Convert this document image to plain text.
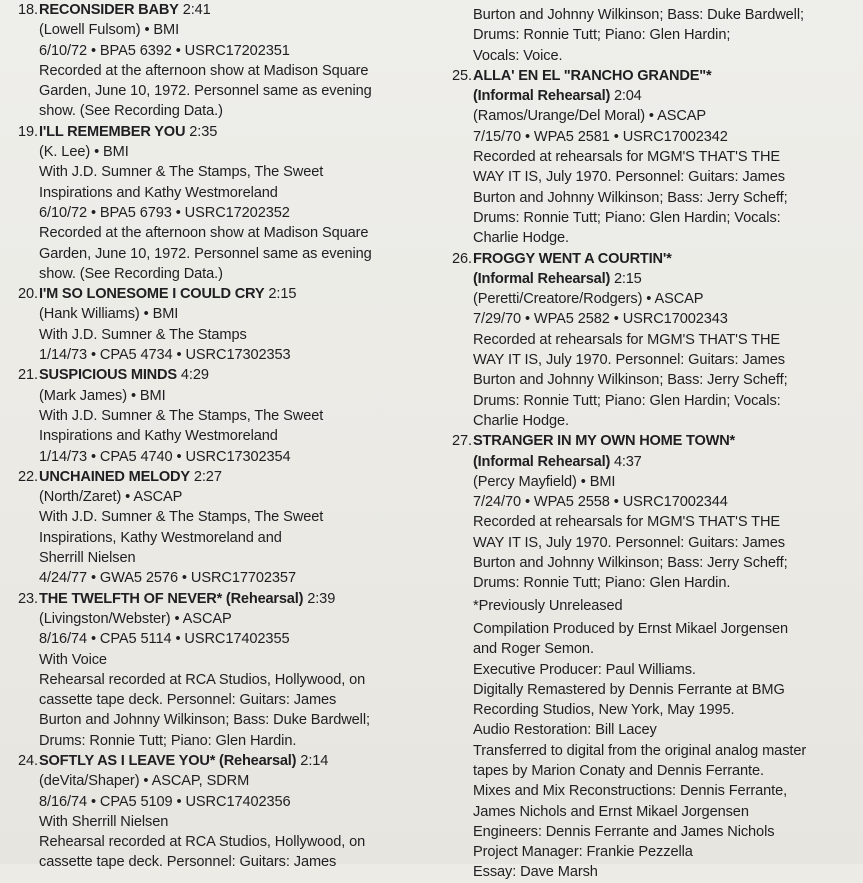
18. RECONSIDER BABY 2:41
(Lowell Fulsom) • BMI
6/10/72 • BPA5 6392 • USRC17202351
Recorded at the afternoon show at Madison Square
Garden, June 10, 1972. Personnel same as evening
show. (See Recording Data.)
19. I'LL REMEMBER YOU 2:35
(K. Lee) • BMI
With J.D. Sumner & The Stamps, The Sweet
Inspirations and Kathy Westmoreland
6/10/72 • BPA5 6793 • USRC17202352
Recorded at the afternoon show at Madison Square
Garden, June 10, 1972. Personnel same as evening
show. (See Recording Data.)
20. I'M SO LONESOME I COULD CRY 2:15
(Hank Williams) • BMI
With J.D. Sumner & The Stamps
1/14/73 • CPA5 4734 • USRC17302353
21. SUSPICIOUS MINDS 4:29
(Mark James) • BMI
With J.D. Sumner & The Stamps, The Sweet
Inspirations and Kathy Westmoreland
1/14/73 • CPA5 4740 • USRC17302354
22. UNCHAINED MELODY 2:27
(North/Zaret) • ASCAP
With J.D. Sumner & The Stamps, The Sweet
Inspirations, Kathy Westmoreland and
Sherrill Nielsen
4/24/77 • GWA5 2576 • USRC17702357
23. THE TWELFTH OF NEVER* (Rehearsal) 2:39
(Livingston/Webster) • ASCAP
8/16/74 • CPA5 5114 • USRC17402355
With Voice
Rehearsal recorded at RCA Studios, Hollywood, on
cassette tape deck. Personnel: Guitars: James
Burton and Johnny Wilkinson; Bass: Duke Bardwell;
Drums: Ronnie Tutt; Piano: Glen Hardin.
24. SOFTLY AS I LEAVE YOU* (Rehearsal) 2:14
(deVita/Shaper) • ASCAP, SDRM
8/16/74 • CPA5 5109 • USRC17402356
With Sherrill Nielsen
Rehearsal recorded at RCA Studios, Hollywood, on
cassette tape deck. Personnel: Guitars: James
Burton and Johnny Wilkinson; Bass: Duke Bardwell;
Drums: Ronnie Tutt; Piano: Glen Hardin;
Vocals: Voice.
25. ALLA' EN EL "RANCHO GRANDE"*
(Informal Rehearsal) 2:04
(Ramos/Urange/Del Moral) • ASCAP
7/15/70 • WPA5 2581 • USRC17002342
Recorded at rehearsals for MGM'S THAT'S THE
WAY IT IS, July 1970. Personnel: Guitars: James
Burton and Johnny Wilkinson; Bass: Jerry Scheff;
Drums: Ronnie Tutt; Piano: Glen Hardin; Vocals:
Charlie Hodge.
26. FROGGY WENT A COURTIN'*
(Informal Rehearsal) 2:15
(Peretti/Creatore/Rodgers) • ASCAP
7/29/70 • WPA5 2582 • USRC17002343
Recorded at rehearsals for MGM'S THAT'S THE
WAY IT IS, July 1970. Personnel: Guitars: James
Burton and Johnny Wilkinson; Bass: Jerry Scheff;
Drums: Ronnie Tutt; Piano: Glen Hardin; Vocals:
Charlie Hodge.
27. STRANGER IN MY OWN HOME TOWN*
(Informal Rehearsal) 4:37
(Percy Mayfield) • BMI
7/24/70 • WPA5 2558 • USRC17002344
Recorded at rehearsals for MGM'S THAT'S THE
WAY IT IS, July 1970. Personnel: Guitars: James
Burton and Johnny Wilkinson; Bass: Jerry Scheff;
Drums: Ronnie Tutt; Piano: Glen Hardin.
*Previously Unreleased
Compilation Produced by Ernst Mikael Jorgensen
and Roger Semon.
Executive Producer: Paul Williams.
Digitally Remastered by Dennis Ferrante at BMG
Recording Studios, New York, May 1995.
Audio Restoration: Bill Lacey
Transferred to digital from the original analog master
tapes by Marion Conaty and Dennis Ferrante.
Mixes and Mix Reconstructions: Dennis Ferrante,
James Nichols and Ernst Mikael Jorgensen
Engineers: Dennis Ferrante and James Nichols
Project Manager: Frankie Pezzella
Essay: Dave Marsh
